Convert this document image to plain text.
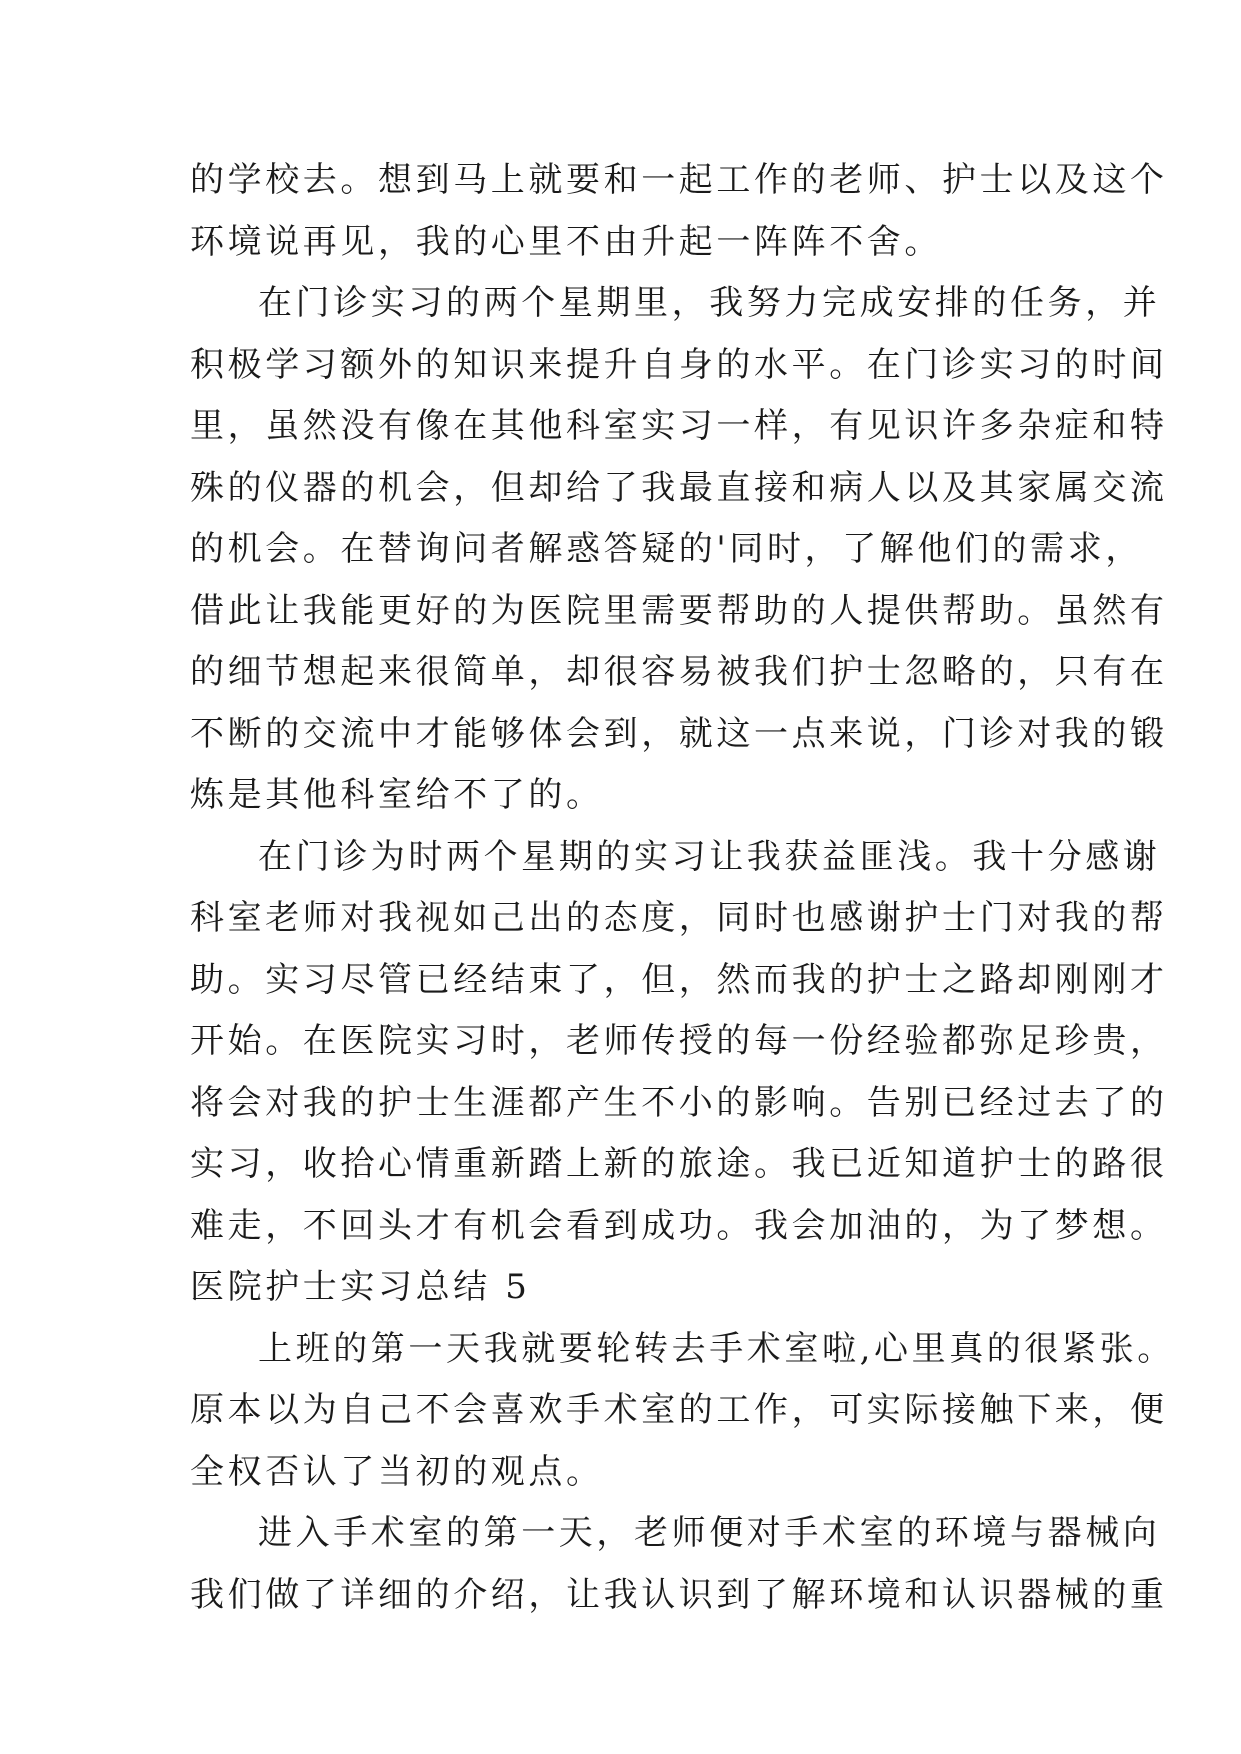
的学校去。想到马上就要和一起工作的老师、护士以及这个
环境说再见，我的心里不由升起一阵阵不舍。
在门诊实习的两个星期里，我努力完成安排的任务，并
积极学习额外的知识来提升自身的水平。在门诊实习的时间
里，虽然没有像在其他科室实习一样，有见识许多杂症和特
殊的仪器的机会，但却给了我最直接和病人以及其家属交流
的机会。在替询问者解惑答疑的'同时，了解他们的需求，
借此让我能更好的为医院里需要帮助的人提供帮助。虽然有
的细节想起来很简单，却很容易被我们护士忽略的，只有在
不断的交流中才能够体会到，就这一点来说，门诊对我的锻
炼是其他科室给不了的。
在门诊为时两个星期的实习让我获益匪浅。我十分感谢
科室老师对我视如己出的态度，同时也感谢护士门对我的帮
助。实习尽管已经结束了，但，然而我的护士之路却刚刚才
开始。在医院实习时，老师传授的每一份经验都弥足珍贵，
将会对我的护士生涯都产生不小的影响。告别已经过去了的
实习，收拾心情重新踏上新的旅途。我已近知道护士的路很
难走，不回头才有机会看到成功。我会加油的，为了梦想。
医院护士实习总结 5
上班的第一天我就要轮转去手术室啦,心里真的很紧张。
原本以为自己不会喜欢手术室的工作，可实际接触下来，便
全权否认了当初的观点。
进入手术室的第一天，老师便对手术室的环境与器械向
我们做了详细的介绍，让我认识到了解环境和认识器械的重
